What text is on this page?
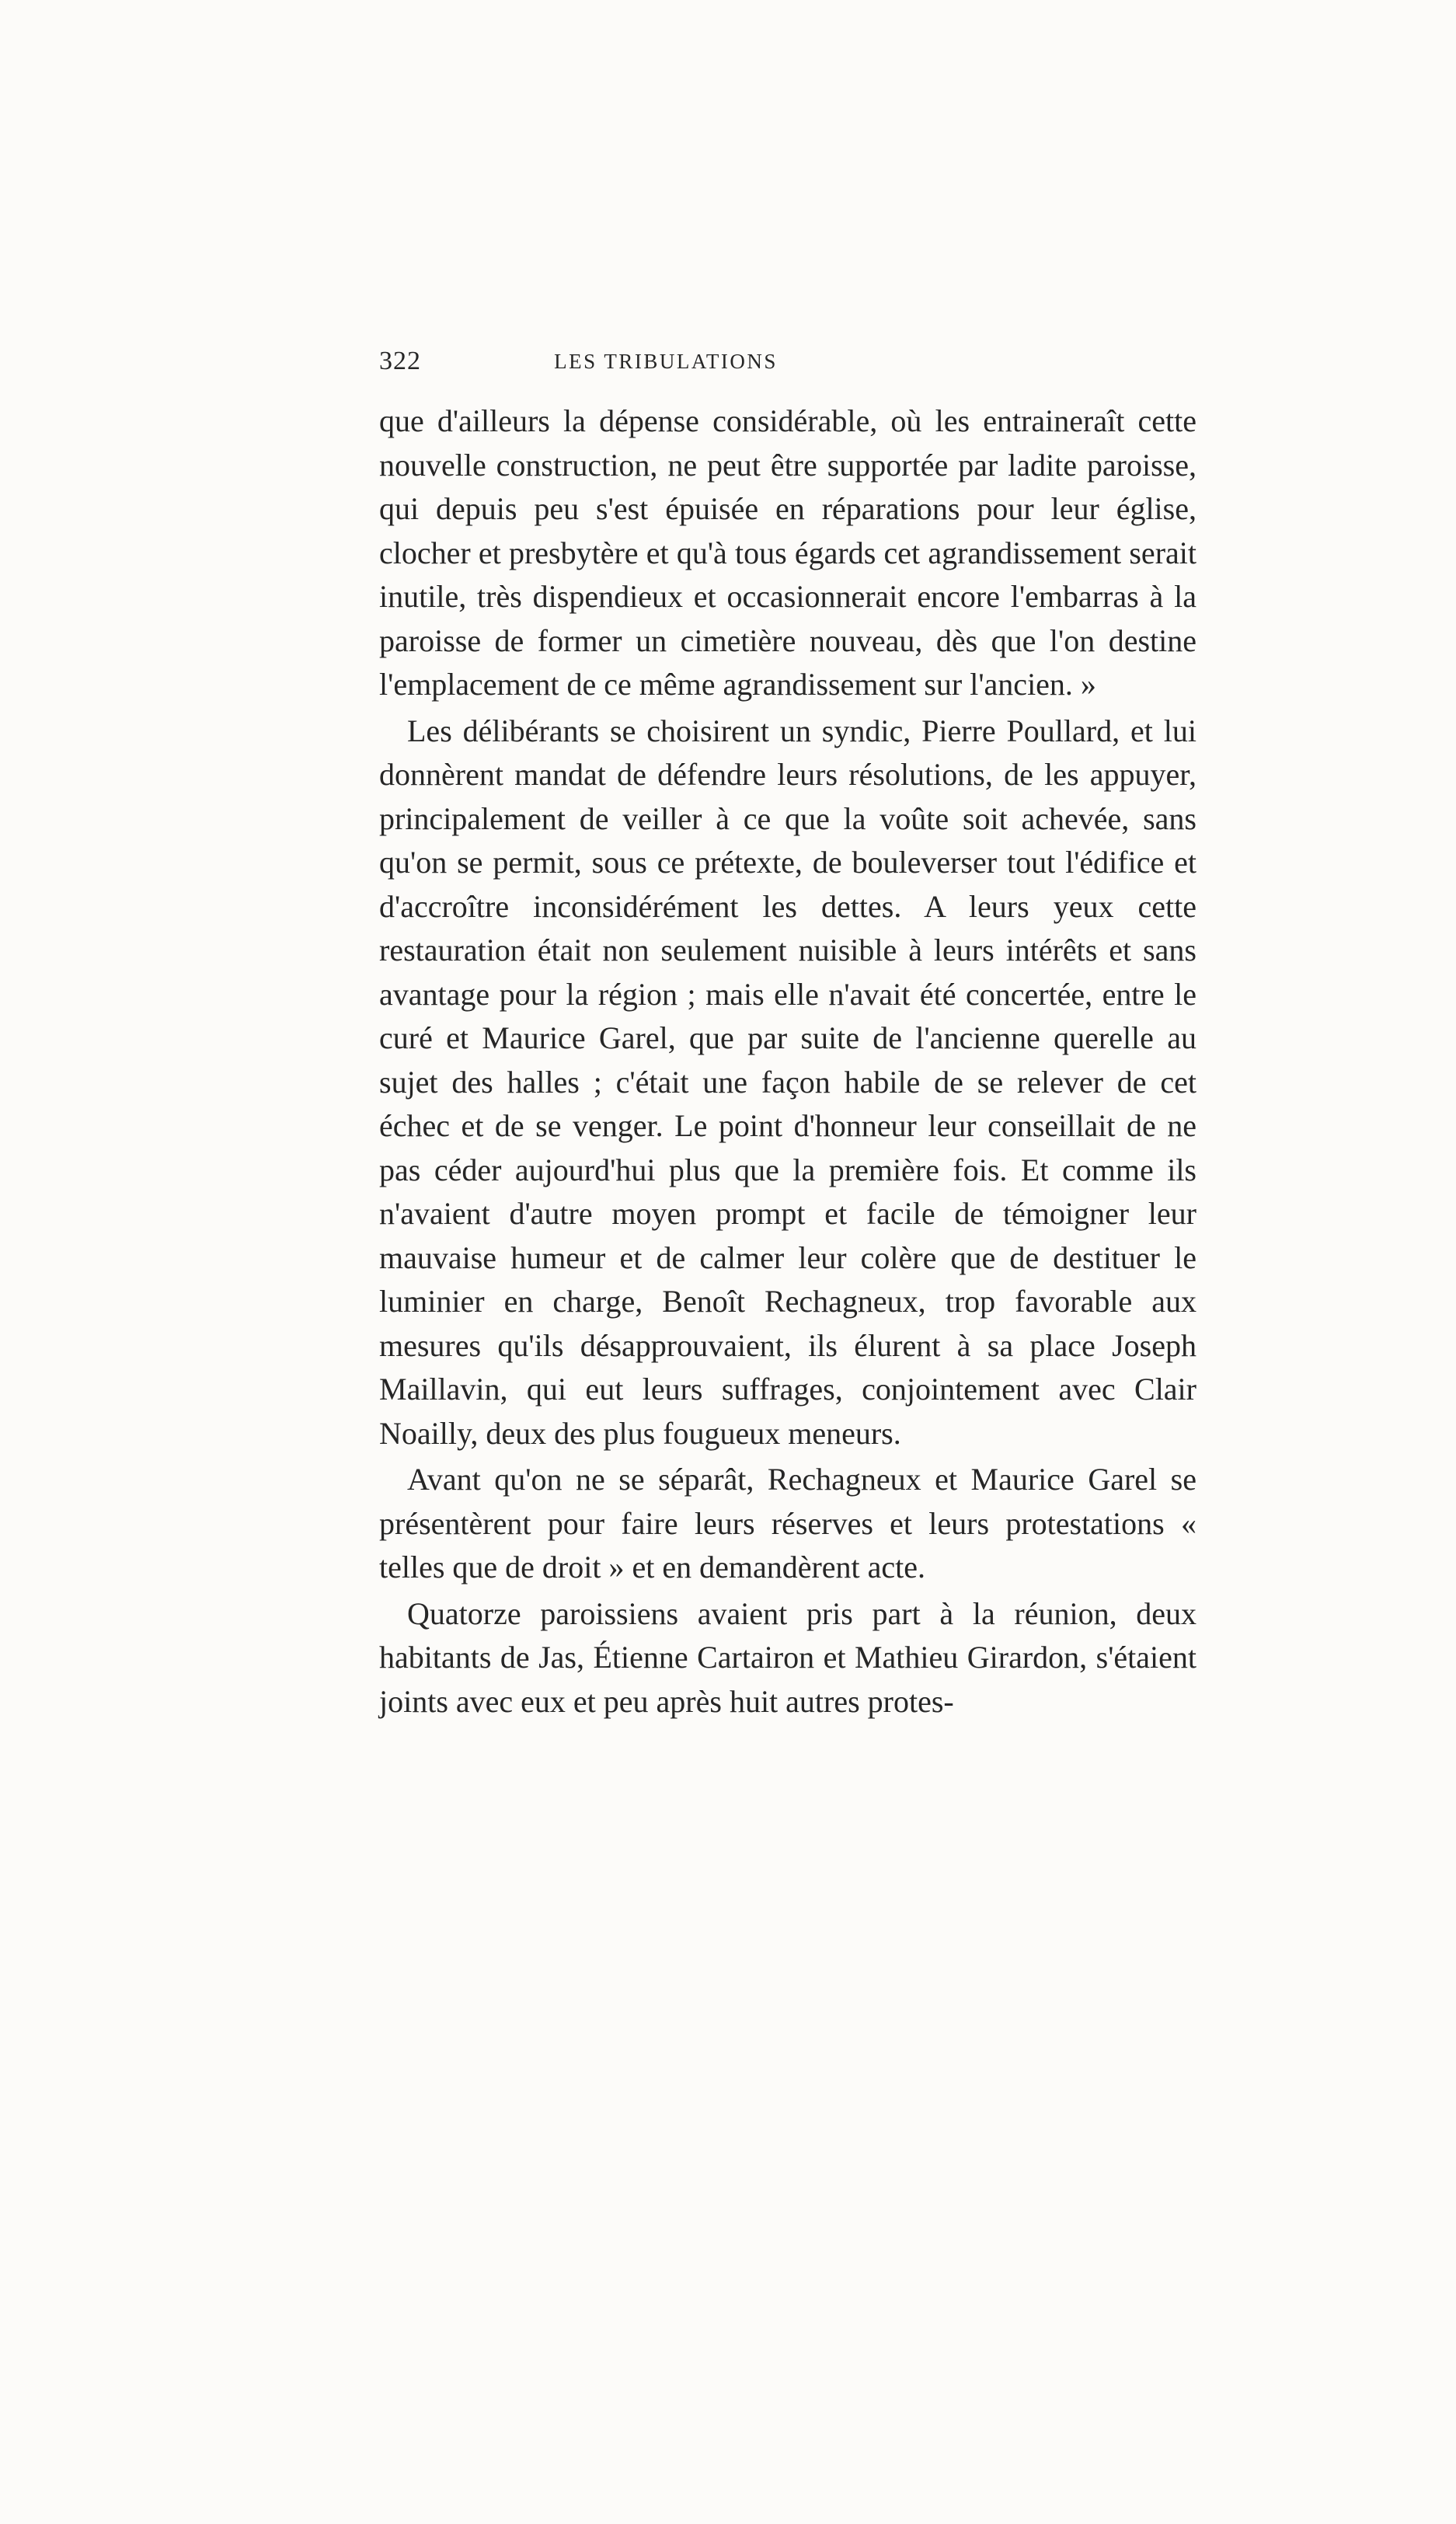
322	LES TRIBULATIONS

que d'ailleurs la dépense considérable, où les entraineraît cette nouvelle construction, ne peut être supportée par ladite paroisse, qui depuis peu s'est épuisée en réparations pour leur église, clocher et presbytère et qu'à tous égards cet agrandissement serait inutile, très dispendieux et occasionnerait encore l'embarras à la paroisse de former un cimetière nouveau, dès que l'on destine l'emplacement de ce même agrandissement sur l'ancien. »

Les délibérants se choisirent un syndic, Pierre Poullard, et lui donnèrent mandat de défendre leurs résolutions, de les appuyer, principalement de veiller à ce que la voûte soit achevée, sans qu'on se permit, sous ce prétexte, de bouleverser tout l'édifice et d'accroître inconsidérément les dettes. A leurs yeux cette restauration était non seulement nuisible à leurs intérêts et sans avantage pour la région ; mais elle n'avait été concertée, entre le curé et Maurice Garel, que par suite de l'ancienne querelle au sujet des halles ; c'était une façon habile de se relever de cet échec et de se venger. Le point d'honneur leur conseillait de ne pas céder aujourd'hui plus que la première fois. Et comme ils n'avaient d'autre moyen prompt et facile de témoigner leur mauvaise humeur et de calmer leur colère que de destituer le luminier en charge, Benoît Rechagneux, trop favorable aux mesures qu'ils désapprouvaient, ils élurent à sa place Joseph Maillavin, qui eut leurs suffrages, conjointement avec Clair Noailly, deux des plus fougueux meneurs.

Avant qu'on ne se séparât, Rechagneux et Maurice Garel se présentèrent pour faire leurs réserves et leurs protestations « telles que de droit » et en demandèrent acte.

Quatorze paroissiens avaient pris part à la réunion, deux habitants de Jas, Étienne Cartairon et Mathieu Girardon, s'étaient joints avec eux et peu après huit autres protes-
